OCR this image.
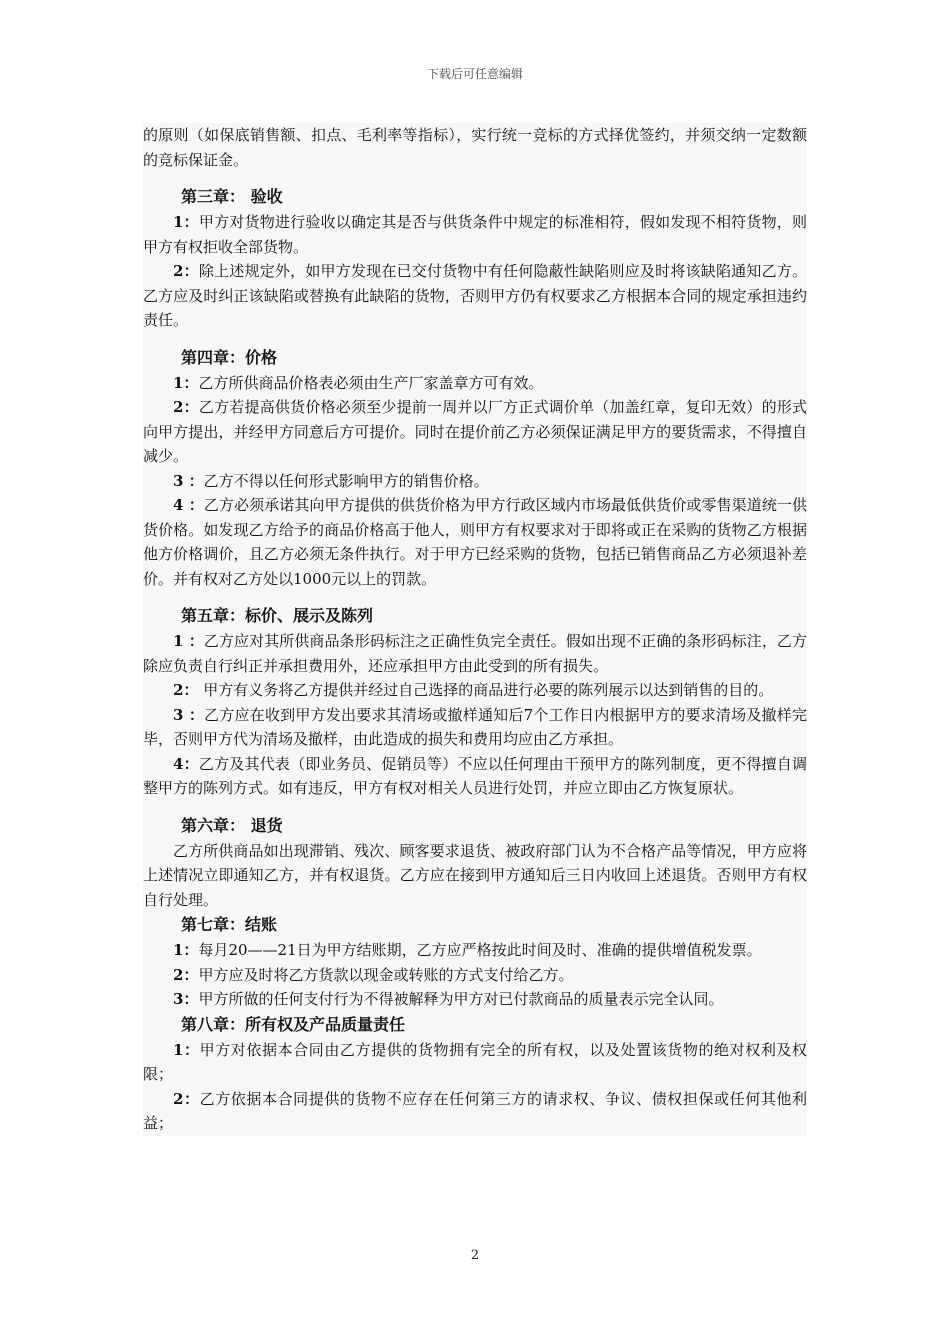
下载后可任意编辑

的原则（如保底销售额、扣点、毛利率等指标），实行统一竞标的方式择优签约，并须交纳一定数额的竞标保证金。

第三章： 验收

1：甲方对货物进行验收以确定其是否与供货条件中规定的标准相符，假如发现不相符货物，则甲方有权拒收全部货物。

2：除上述规定外，如甲方发现在已交付货物中有任何隐蔽性缺陷则应及时将该缺陷通知乙方。乙方应及时纠正该缺陷或替换有此缺陷的货物，否则甲方仍有权要求乙方根据本合同的规定承担违约责任。

第四章：价格

1：乙方所供商品价格表必须由生产厂家盖章方可有效。

2：乙方若提高供货价格必须至少提前一周并以厂方正式调价单（加盖红章，复印无效）的形式向甲方提出，并经甲方同意后方可提价。同时在提价前乙方必须保证满足甲方的要货需求，不得擅自减少。

3 ：乙方不得以任何形式影响甲方的销售价格。

4 ：乙方必须承诺其向甲方提供的供货价格为甲方行政区域内市场最低供货价或零售渠道统一供货价格。如发现乙方给予的商品价格高于他人，则甲方有权要求对于即将或正在采购的货物乙方根据他方价格调价，且乙方必须无条件执行。对于甲方已经采购的货物，包括已销售商品乙方必须退补差价。并有权对乙方处以1000元以上的罚款。

第五章：标价、展示及陈列

1 ：乙方应对其所供商品条形码标注之正确性负完全责任。假如出现不正确的条形码标注，乙方除应负责自行纠正并承担费用外，还应承担甲方由此受到的所有损失。

2： 甲方有义务将乙方提供并经过自己选择的商品进行必要的陈列展示以达到销售的目的。

3 ：乙方应在收到甲方发出要求其清场或撤样通知后7个工作日内根据甲方的要求清场及撤样完毕，否则甲方代为清场及撤样，由此造成的损失和费用均应由乙方承担。

4：乙方及其代表（即业务员、促销员等）不应以任何理由干预甲方的陈列制度，更不得擅自调整甲方的陈列方式。如有违反，甲方有权对相关人员进行处罚，并应立即由乙方恢复原状。

第六章： 退货

乙方所供商品如出现滞销、残次、顾客要求退货、被政府部门认为不合格产品等情况，甲方应将上述情况立即通知乙方，并有权退货。乙方应在接到甲方通知后三日内收回上述退货。否则甲方有权自行处理。

第七章：结账

1：每月20——21日为甲方结账期，乙方应严格按此时间及时、准确的提供增值税发票。

2：甲方应及时将乙方货款以现金或转账的方式支付给乙方。

3：甲方所做的任何支付行为不得被解释为甲方对已付款商品的质量表示完全认同。

第八章：所有权及产品质量责任

1：甲方对依据本合同由乙方提供的货物拥有完全的所有权，以及处置该货物的绝对权利及权限；

2：乙方依据本合同提供的货物不应存在任何第三方的请求权、争议、债权担保或任何其他利益；

2
